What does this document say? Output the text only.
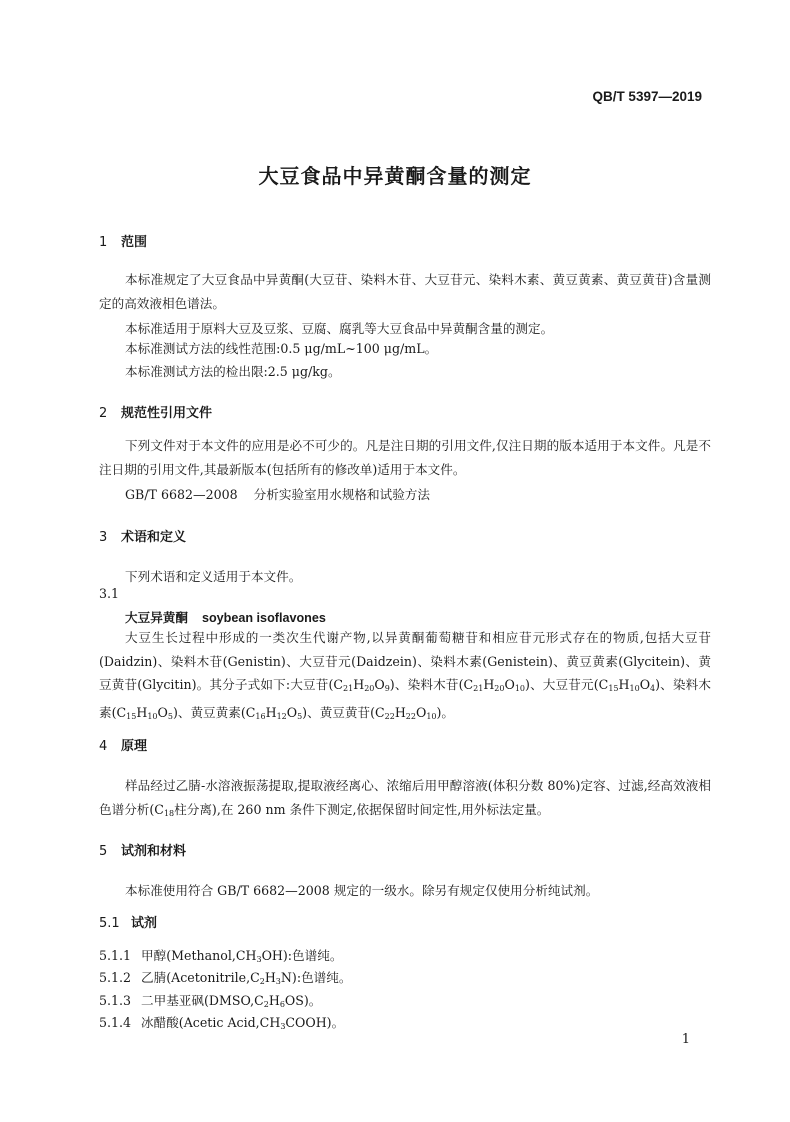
QB/T 5397—2019
大豆食品中异黄酮含量的测定
1 范围
本标准规定了大豆食品中异黄酮(大豆苷、染料木苷、大豆苷元、染料木素、黄豆黄素、黄豆黄苷)含量测定的高效液相色谱法。
本标准适用于原料大豆及豆浆、豆腐、腐乳等大豆食品中异黄酮含量的测定。
本标准测试方法的线性范围:0.5 μg/mL~100 μg/mL。
本标准测试方法的检出限:2.5 μg/kg。
2 规范性引用文件
下列文件对于本文件的应用是必不可少的。凡是注日期的引用文件,仅注日期的版本适用于本文件。凡是不注日期的引用文件,其最新版本(包括所有的修改单)适用于本文件。
GB/T 6682—2008 分析实验室用水规格和试验方法
3 术语和定义
下列术语和定义适用于本文件。
3.1
大豆异黄酮 soybean isoflavones
大豆生长过程中形成的一类次生代谢产物,以异黄酮葡萄糖苷和相应苷元形式存在的物质,包括大豆苷(Daidzin)、染料木苷(Genistin)、大豆苷元(Daidzein)、染料木素(Genistein)、黄豆黄素(Glycitein)、黄豆黄苷(Glycitin)。其分子式如下:大豆苷$(C_{21}H_{20}O_9)$、染料木苷$(C_{21}H_{20}O_{10})$、大豆苷元$(C_{15}H_{10}O_4)$、染料木素$(C_{15}H_{10}O_5)$、黄豆黄素$(C_{16}H_{12}O_5)$、黄豆黄苷$(C_{22}H_{22}O_{10})$。
4 原理
样品经过乙腈-水溶液振荡提取,提取液经离心、浓缩后用甲醇溶液(体积分数 80%)定容、过滤,经高效液相色谱分析($C_{18}$柱分离),在 260 nm 条件下测定,依据保留时间定性,用外标法定量。
5 试剂和材料
本标准使用符合 GB/T 6682—2008 规定的一级水。除另有规定仅使用分析纯试剂。
5.1 试剂
5.1.1 甲醇$(Methanol,CH_3OH)$:色谱纯。
5.1.2 乙腈$(Acetonitrile,C_2H_3N)$:色谱纯。
5.1.3 二甲基亚砜$(DMSO,C_2H_6OS)$。
5.1.4 冰醋酸(Acetic $Acid,CH_3COOH$)。
1
